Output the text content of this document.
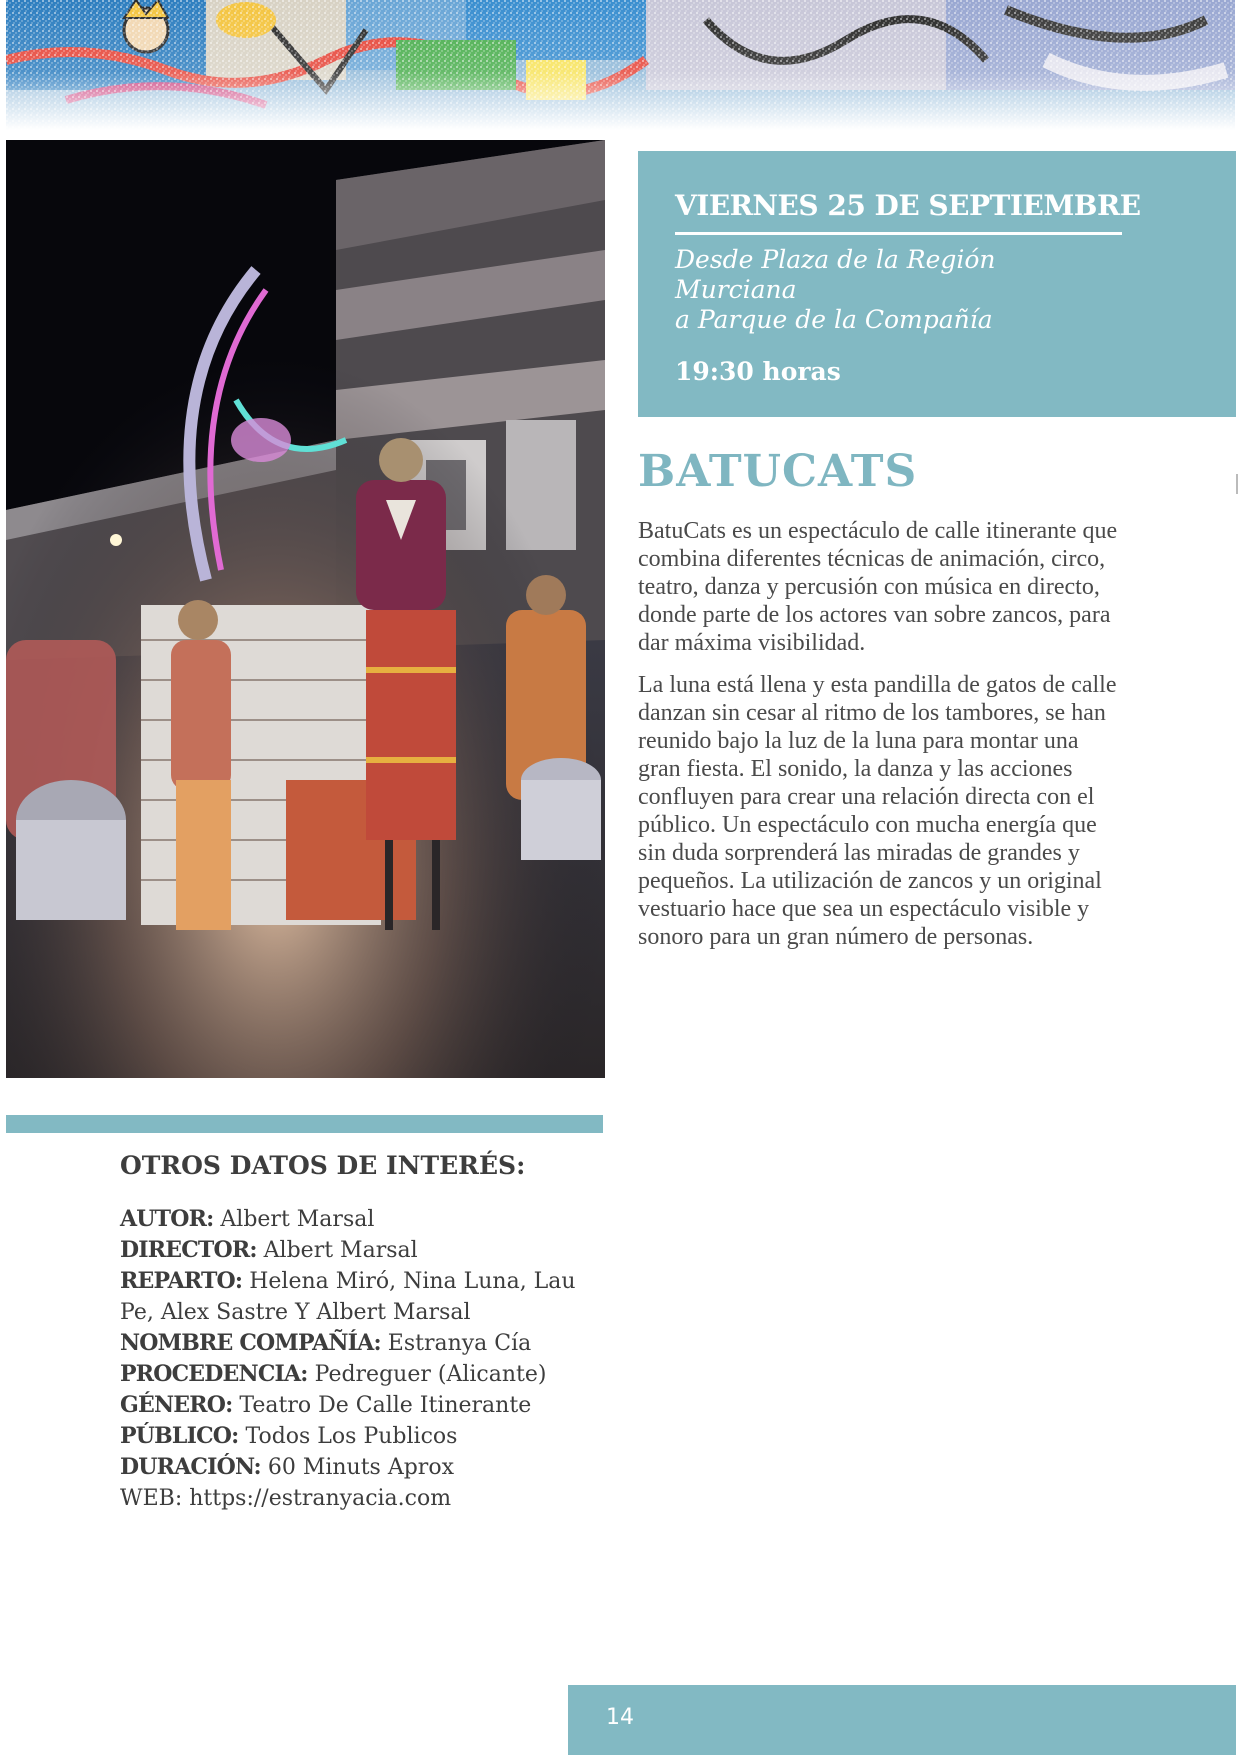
VIERNES 25 DE SEPTIEMBRE
Desde Plaza de la Región Murciana
a Parque de la Compañía
19:30 horas
BATUCATS

BatuCats es un espectáculo de calle itinerante que combina diferentes técnicas de animación, circo, teatro, danza y percusión con música en directo, donde parte de los actores van sobre zancos, para dar máxima visibilidad.

La luna está llena y esta pandilla de gatos de calle danzan sin cesar al ritmo de los tambores, se han reunido bajo la luz de la luna para montar una gran fiesta. El sonido, la danza y las acciones confluyen para crear una relación directa con el público. Un espectáculo con mucha energía que sin duda sorprenderá las miradas de grandes y pequeños. La utilización de zancos y un original vestuario hace que sea un espectáculo visible y sonoro para un gran número de personas.

OTROS DATOS DE INTERÉS:
AUTOR: Albert Marsal
DIRECTOR: Albert Marsal
REPARTO: Helena Miró, Nina Luna, Lau Pe, Alex Sastre Y Albert Marsal
NOMBRE COMPAÑÍA: Estranya Cía
PROCEDENCIA: Pedreguer (Alicante)
GÉNERO: Teatro De Calle Itinerante
PÚBLICO: Todos Los Publicos
DURACIÓN: 60 Minuts Aprox
WEB: https://estranyacia.com
14
